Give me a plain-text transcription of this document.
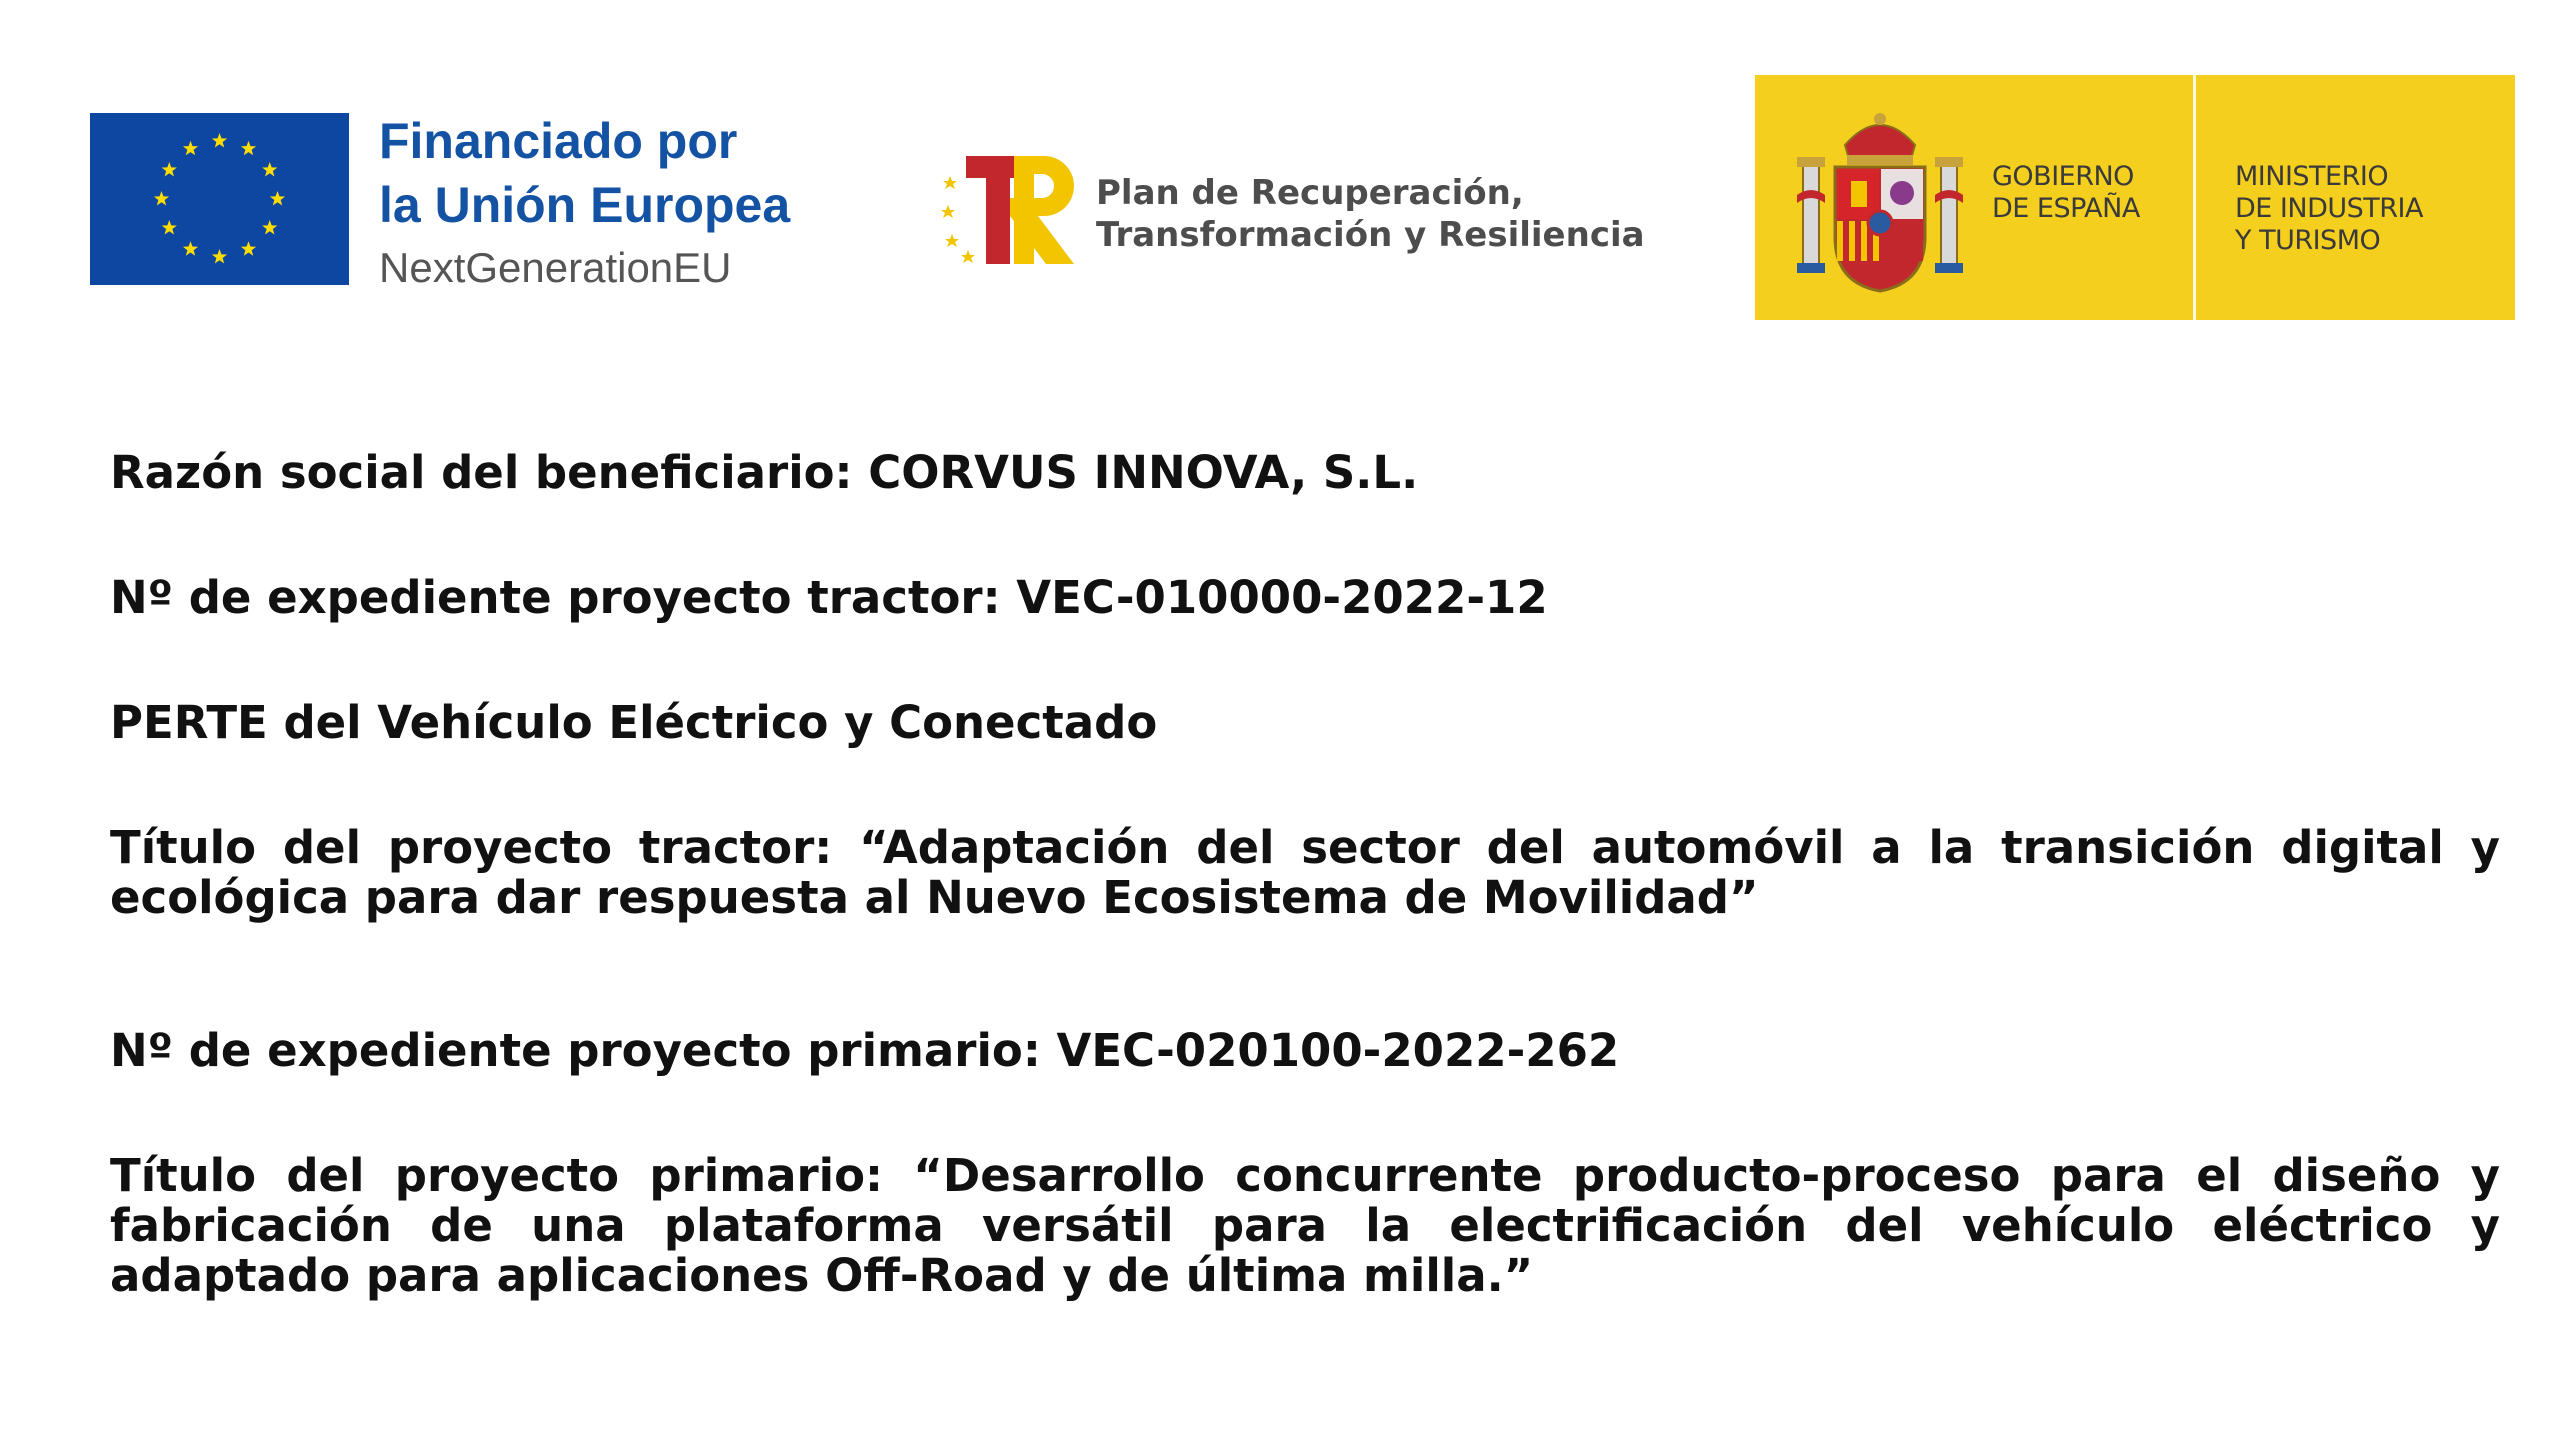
Financiado por
la Unión Europea
NextGenerationEU
Plan de Recuperación,
Transformación y Resiliencia
GOBIERNO
DE ESPAÑA
MINISTERIO
DE INDUSTRIA
Y TURISMO

Razón social del beneficiario: CORVUS INNOVA, S.L.

Nº de expediente proyecto tractor: VEC-010000-2022-12

PERTE del Vehículo Eléctrico y Conectado

Título del proyecto tractor: “Adaptación del sector del automóvil a la transición digital y ecológica para dar respuesta al Nuevo Ecosistema de Movilidad”

Nº de expediente proyecto primario: VEC-020100-2022-262

Título del proyecto primario: “Desarrollo concurrente producto-proceso para el diseño y fabricación de una plataforma versátil para la electrificación del vehículo eléctrico y adaptado para aplicaciones Off-Road y de última milla.”
